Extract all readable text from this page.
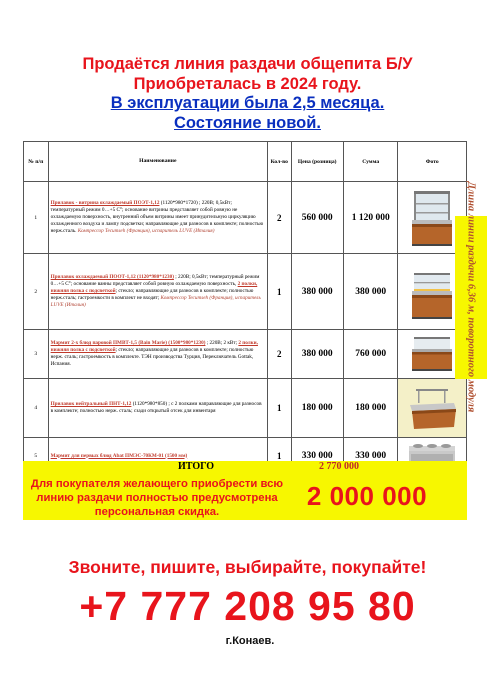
Продаётся линия раздачи общепита Б/У
Приобреталась в 2024 году.
В эксплуатации была 2,5 месяца.
Состояние новой.
№ п/п	Наименование	Кол-во	Цена (розница)	Сумма	Фото
1	Прилавок - витрина охлаждаемый ПОЭТ-1,12 (1120*980*1720) ; 220В; 0,5кВт; температурный режим 0…+5 С°; основание витрины представляет собой ровную не охлаждаемую поверхность, внутренний объем витрины имеет принудительную циркуляцию охлажденного воздуха и лампу подсветки; направляющие для разносов в комплекте; полностью нерж.сталь. Компрессор Tecumseh (Франция), испаритель LUVE (Италия)	2	560 000	1 120 000	

2	Прилавок охлаждаемый ПООТ-1,12 (1120*980*1230) ; 220В; 0,5кВт; температурный режим 0…+5 С°; основание ванны представляет собой ровную охлаждаемую поверхность, 2 полки, нижняя полка с подсветкой; стекло; направляющие для разносов в комплекте; полностью нерж.сталь; гастроемкости в комплект не входят; Компрессор Tecumseh (Франция), испаритель LUVE (Италия)	1	380 000	380 000	

3	Мармит 2-х блюд паровой ПМВТ-1,5 (Bain Marie) (1500*980*1230) ; 220В; 2 кВт; 2 полки, нижняя полка с подсветкой; стекло; направляющие для разносов в комплекте; полностью нерж. сталь; гастроемкость в комплекте. ТЭН производства Турция, Переключатель Gottak, Испания.	2	380 000	760 000	

4	Прилавок нейтральный ПНТ-1,12 (1120*980*850) ; с 2 полками направляющие для разносов в комплекте; полностью нерж. сталь; сзади открытый отсек для инвентаря	1	180 000	180 000	

5	Мармит для первых блюд Abat ПМЭС-70КМ-01 (1500 мм)	1	330 000	330 000	
ИТОГО	2 770 000
Для покупателя желающего приобрести всю линию раздачи полностью предусмотрена персональная скидка.
2 000 000
Длина линии раздачи 6,36 м, поворотного модуля
Звоните, пишите, выбирайте, покупайте!
+7 777 208 95 80
г.Конаев.
